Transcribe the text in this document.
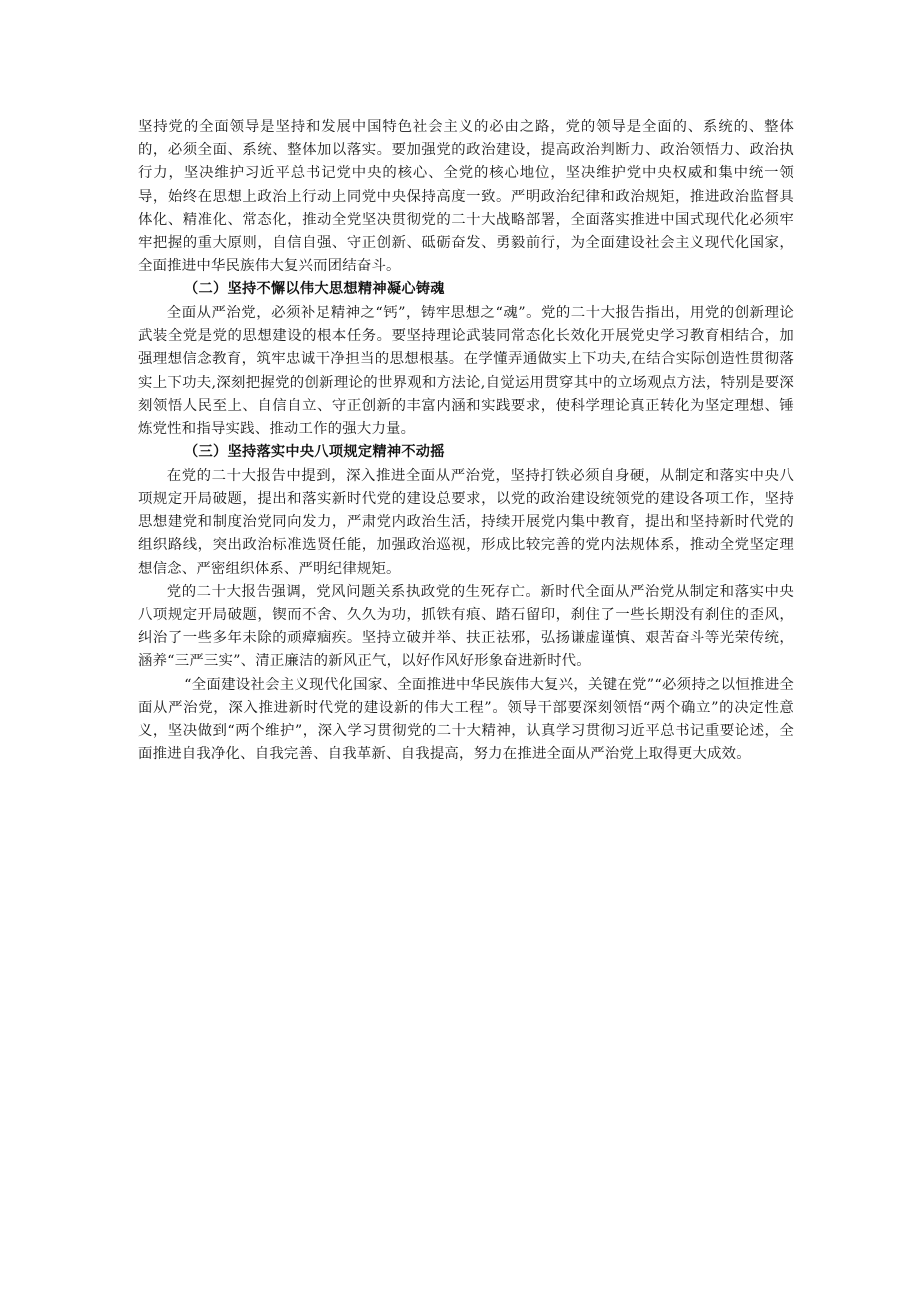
坚持党的全面领导是坚持和发展中国特色社会主义的必由之路，党的领导是全面的、系统的、整体的，必须全面、系统、整体加以落实。要加强党的政治建设，提高政治判断力、政治领悟力、政治执行力，坚决维护习近平总书记党中央的核心、全党的核心地位，坚决维护党中央权威和集中统一领导，始终在思想上政治上行动上同党中央保持高度一致。严明政治纪律和政治规矩，推进政治监督具体化、精准化、常态化，推动全党坚决贯彻党的二十大战略部署，全面落实推进中国式现代化必须牢牢把握的重大原则，自信自强、守正创新、砥砺奋发、勇毅前行，为全面建设社会主义现代化国家，全面推进中华民族伟大复兴而团结奋斗。

（二）坚持不懈以伟大思想精神凝心铸魂

全面从严治党，必须补足精神之“钙”，铸牢思想之“魂”。党的二十大报告指出，用党的创新理论武装全党是党的思想建设的根本任务。要坚持理论武装同常态化长效化开展党史学习教育相结合，加强理想信念教育，筑牢忠诚干净担当的思想根基。在学懂弄通做实上下功夫,在结合实际创造性贯彻落实上下功夫,深刻把握党的创新理论的世界观和方法论,自觉运用贯穿其中的立场观点方法，特别是要深刻领悟人民至上、自信自立、守正创新的丰富内涵和实践要求，使科学理论真正转化为坚定理想、锤炼党性和指导实践、推动工作的强大力量。

（三）坚持落实中央八项规定精神不动摇

在党的二十大报告中提到，深入推进全面从严治党，坚持打铁必须自身硬，从制定和落实中央八项规定开局破题，提出和落实新时代党的建设总要求，以党的政治建设统领党的建设各项工作，坚持思想建党和制度治党同向发力，严肃党内政治生活，持续开展党内集中教育，提出和坚持新时代党的组织路线，突出政治标准选贤任能，加强政治巡视，形成比较完善的党内法规体系，推动全党坚定理想信念、严密组织体系、严明纪律规矩。

党的二十大报告强调，党风问题关系执政党的生死存亡。新时代全面从严治党从制定和落实中央八项规定开局破题，锲而不舍、久久为功，抓铁有痕、踏石留印，刹住了一些长期没有刹住的歪风，纠治了一些多年未除的顽瘴痼疾。坚持立破并举、扶正祛邪，弘扬谦虚谨慎、艰苦奋斗等光荣传统，涵养“三严三实”、清正廉洁的新风正气，以好作风好形象奋进新时代。

“全面建设社会主义现代化国家、全面推进中华民族伟大复兴，关键在党”“必须持之以恒推进全面从严治党，深入推进新时代党的建设新的伟大工程”。领导干部要深刻领悟“两个确立”的决定性意义，坚决做到“两个维护”，深入学习贯彻党的二十大精神，认真学习贯彻习近平总书记重要论述，全面推进自我净化、自我完善、自我革新、自我提高，努力在推进全面从严治党上取得更大成效。
